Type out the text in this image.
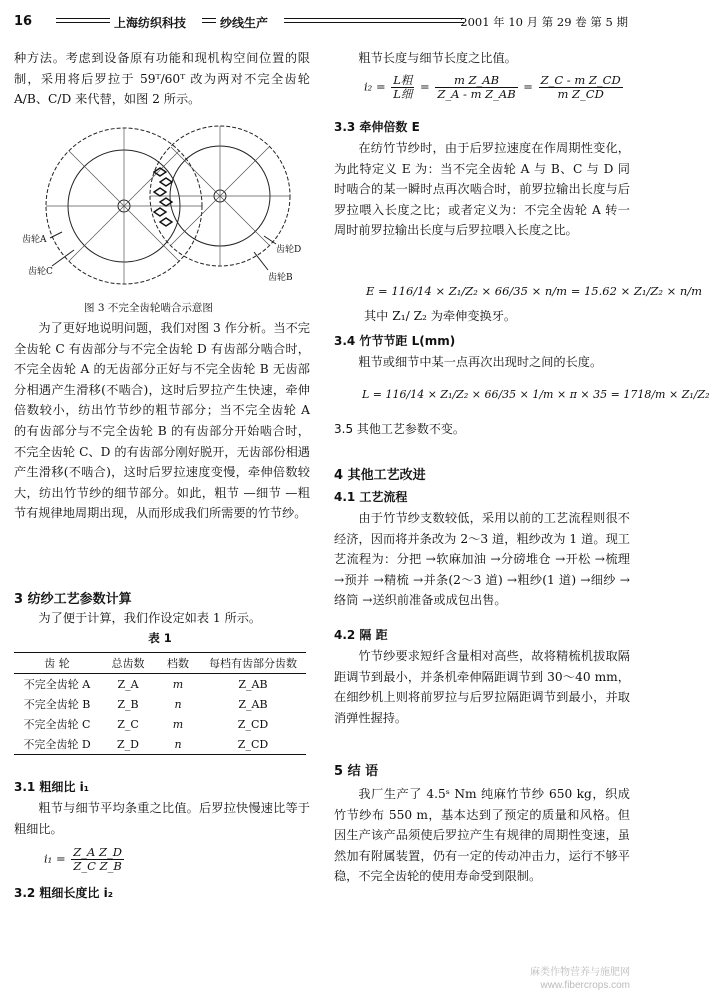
16	上海纺织科技	纱线生产	2001 年 10 月 第 29 卷 第 5 期
种方法。考虑到设备原有功能和现机构空间位置的限制，采用将后罗拉于 59ᵀ/60ᵀ 改为两对不完全齿轮 A/B、C/D 来代替，如图 2 所示。
齿轮A
齿轮C
齿轮D
齿轮B
图 3 不完全齿轮啮合示意图
为了更好地说明问题，我们对图 3 作分析。当不完全齿轮 C 有齿部分与不完全齿轮 D 有齿部分啮合时，不完全齿轮 A 的无齿部分正好与不完全齿轮 B 无齿部分相遇产生滑移(不啮合)，这时后罗拉产生快速，牵伸倍数较小，纺出竹节纱的粗节部分；当不完全齿轮 A 的有齿部分与不完全齿轮 B 的有齿部分开始啮合时，不完全齿轮 C、D 的有齿部分刚好脱开，无齿部份相遇产生滑移(不啮合)，这时后罗拉速度变慢，牵伸倍数较大，纺出竹节纱的细节部分。如此，粗节 —细节 —粗节有规律地周期出现，从而形成我们所需要的竹节纱。
3 纺纱工艺参数计算
为了便于计算，我们作设定如表 1 所示。
表 1
齿 轮	总齿数	档数	每档有齿部分齿数
不完全齿轮 A	Z_A	m	Z_AB
不完全齿轮 B	Z_B	n	Z_AB
不完全齿轮 C	Z_C	m	Z_CD
不完全齿轮 D	Z_D	n	Z_CD
3.1 粗细比 i₁
粗节与细节平均条重之比值。后罗拉快慢速比等于粗细比。
$i_1 = \frac{\text{Z\_A Z\_D}}{\text{Z\_C Z\_B}}$
3.2 粗细长度比 i₂
粗节长度与细节长度之比值。
$i_2 = \frac{\text{L粗}}{\text{L细}} = \frac{\text{m Z\_AB}}{\text{Z\_A - m Z\_AB}} = \frac{\text{Z\_C - m Z\_CD}}{\text{m Z\_CD}}$
3.3 牵伸倍数 E
在纺竹节纱时，由于后罗拉速度在作周期性变化，为此特定义 E 为：当不完全齿轮 A 与 B、C 与 D 同时啮合的某一瞬时点再次啮合时，前罗拉输出长度与后罗拉喂入长度之比；或者定义为：不完全齿轮 A 转一周时前罗拉输出长度与后罗拉喂入长度之比。
E = 116/14 × Z₁/Z₂ × 66/35 × n/m = 15.62 × Z₁/Z₂ × n/m
其中 Z₁/ Z₂ 为牵伸变换牙。
3.4 竹节节距 L(mm)
粗节或细节中某一点再次出现时之间的长度。
L = 116/14 × Z₁/Z₂ × 66/35 × 1/m × π × 35 = 1718/m × Z₁/Z₂
3.5 其他工艺参数不变。
4 其他工艺改进
4.1 工艺流程
由于竹节纱支数较低，采用以前的工艺流程则很不经济，因而将并条改为 2～3 道，粗纱改为 1 道。现工艺流程为：分把 →软麻加油 →分磅堆仓 →开松 →梳理 →预并 →精梳 →并条(2～3 道) →粗纱(1 道) →细纱 →络筒 →送织前准备或成包出售。
4.2 隔 距
竹节纱要求短纤含量相对高些，故将精梳机拔取隔距调节到最小，并条机牵伸隔距调节到 30～40 mm，在细纱机上则将前罗拉与后罗拉隔距调节到最小，并取消弹性握持。
5 结 语
我厂生产了 4.5ˢ Nm 纯麻竹节纱 650 kg，织成竹节纱布 550 m，基本达到了预定的质量和风格。但因生产该产品须使后罗拉产生有规律的周期性变速，虽然加有附属装置，仍有一定的传动冲击力，运行不够平稳，不完全齿轮的使用寿命受到限制。
麻类作物营养与施肥网
www.fibercrops.com
